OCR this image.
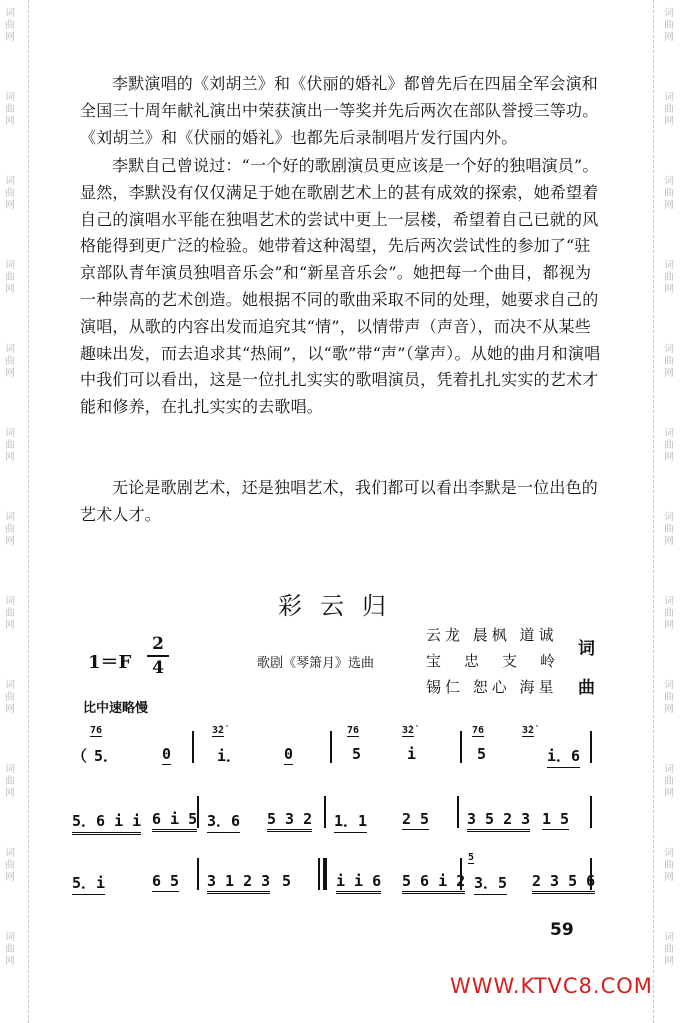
词
曲
网
词
曲
网
词
曲
网
词
曲
网
词
曲
网
词
曲
网
词
曲
网
词
曲
网
词
曲
网
词
曲
网
词
曲
网
词
曲
网
词
曲
网
词
曲
网
词
曲
网
词
曲
网
词
曲
网
词
曲
网
词
曲
网
词
曲
网
词
曲
网
词
曲
网
词
曲
网
词
曲
网

李默演唱的《刘胡兰》和《伏丽的婚礼》都曾先后在四届全军会演和全国三十周年献礼演出中荣获演出一等奖并先后两次在部队誉授三等功。《刘胡兰》和《伏丽的婚礼》也都先后录制唱片发行国内外。

李默自己曾说过：“一个好的歌剧演员更应该是一个好的独唱演员”。显然，李默没有仅仅满足于她在歌剧艺术上的甚有成效的探索，她希望着自己的演唱水平能在独唱艺术的尝试中更上一层楼，希望着自己已就的风格能得到更广泛的检验。她带着这种渴望，先后两次尝试性的参加了“驻京部队青年演员独唱音乐会”和“新星音乐会”。她把每一个曲目，都视为一种崇高的艺术创造。她根据不同的歌曲采取不同的处理，她要求自己的演唱，从歌的内容出发而追究其“情”，以情带声（声音），而决不从某些趣味出发，而去追求其“热闹”，以“歌”带“声”（掌声）。从她的曲月和演唱中我们可以看出，这是一位扎扎实实的歌唱演员，凭着扎扎实实的艺术才能和修养，在扎扎实实的去歌唱。

无论是歌剧艺术，还是独唱艺术，我们都可以看出李默是一位出色的艺术人才。

彩云归
1＝F
2
4	歌剧《琴箫月》选曲
云龙 晨枫 道诚
宝　忠　支　岭
锡仁 恕心 海星
词
曲
比中速略慢
（
76
5．	0
3̇2̇
i．	0
76
5
3̇2̇
i
76
5
3̇2̇
i．6
5．6 i i 6 i 5 3．6 5 3 2 1．1 2 5	3 5 2 3 1 5
5．i	6 5 3 1 2 3 5	i i 6 5 6 i 2
5
3．5 2 3 5 6
59
WWW.KTVC8.COM
